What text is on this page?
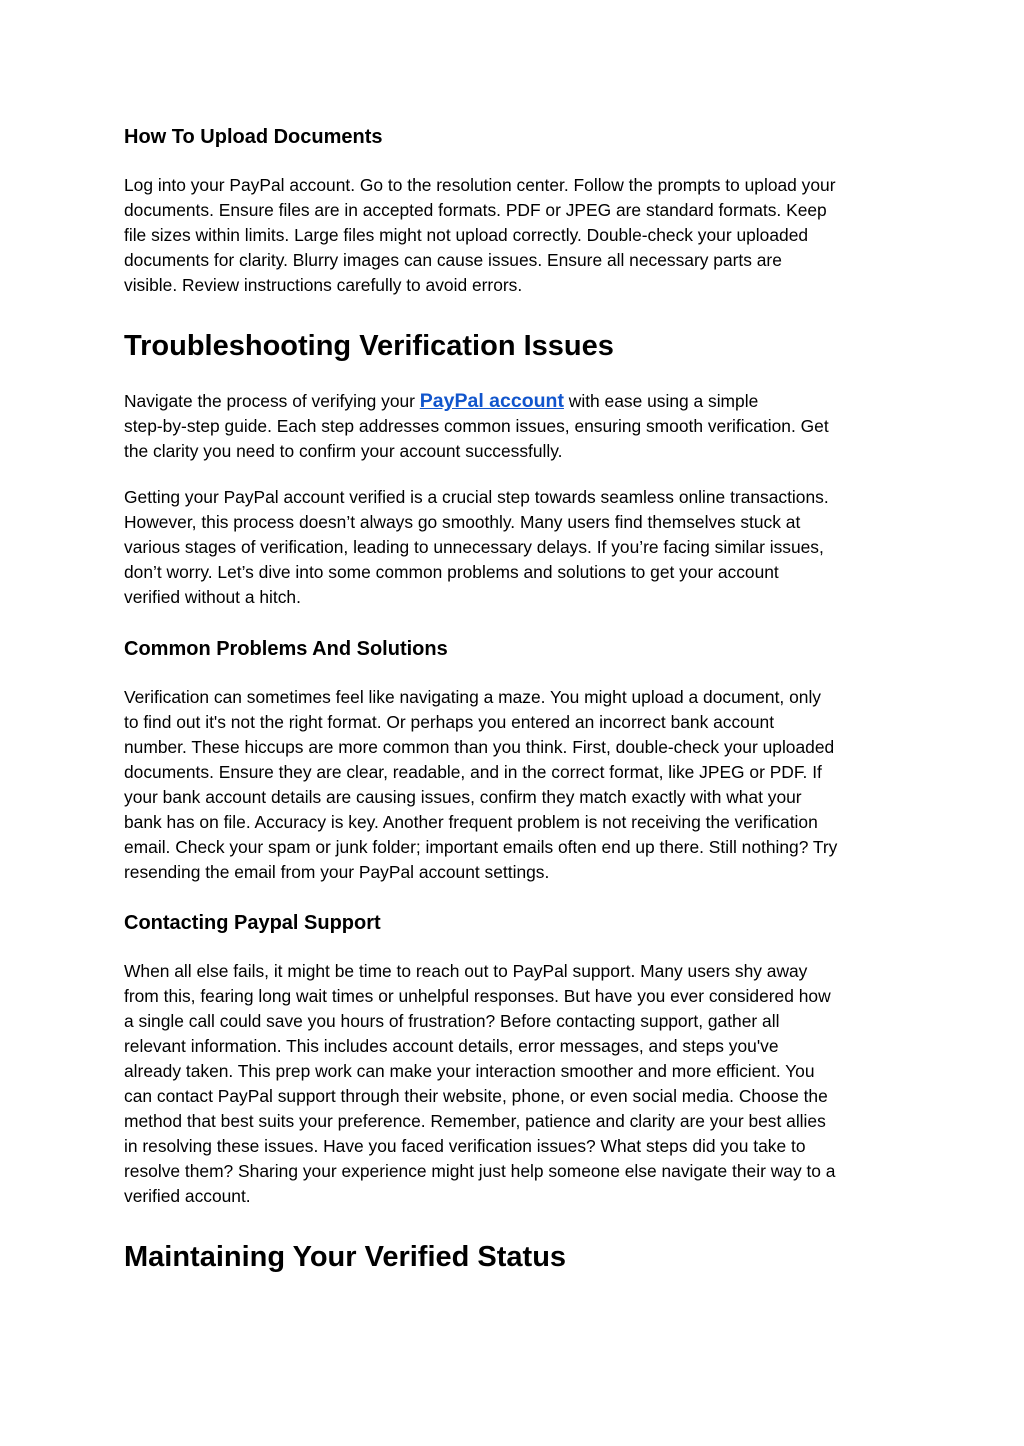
How To Upload Documents
Log into your PayPal account. Go to the resolution center. Follow the prompts to upload your
documents. Ensure files are in accepted formats. PDF or JPEG are standard formats. Keep
file sizes within limits. Large files might not upload correctly. Double-check your uploaded
documents for clarity. Blurry images can cause issues. Ensure all necessary parts are
visible. Review instructions carefully to avoid errors.
Troubleshooting Verification Issues
Navigate the process of verifying your PayPal account with ease using a simple
step-by-step guide. Each step addresses common issues, ensuring smooth verification. Get
the clarity you need to confirm your account successfully.
Getting your PayPal account verified is a crucial step towards seamless online transactions.
However, this process doesn’t always go smoothly. Many users find themselves stuck at
various stages of verification, leading to unnecessary delays. If you’re facing similar issues,
don’t worry. Let’s dive into some common problems and solutions to get your account
verified without a hitch.
Common Problems And Solutions
Verification can sometimes feel like navigating a maze. You might upload a document, only
to find out it's not the right format. Or perhaps you entered an incorrect bank account
number. These hiccups are more common than you think. First, double-check your uploaded
documents. Ensure they are clear, readable, and in the correct format, like JPEG or PDF. If
your bank account details are causing issues, confirm they match exactly with what your
bank has on file. Accuracy is key. Another frequent problem is not receiving the verification
email. Check your spam or junk folder; important emails often end up there. Still nothing? Try
resending the email from your PayPal account settings.
Contacting Paypal Support
When all else fails, it might be time to reach out to PayPal support. Many users shy away
from this, fearing long wait times or unhelpful responses. But have you ever considered how
a single call could save you hours of frustration? Before contacting support, gather all
relevant information. This includes account details, error messages, and steps you've
already taken. This prep work can make your interaction smoother and more efficient. You
can contact PayPal support through their website, phone, or even social media. Choose the
method that best suits your preference. Remember, patience and clarity are your best allies
in resolving these issues. Have you faced verification issues? What steps did you take to
resolve them? Sharing your experience might just help someone else navigate their way to a
verified account.
Maintaining Your Verified Status
